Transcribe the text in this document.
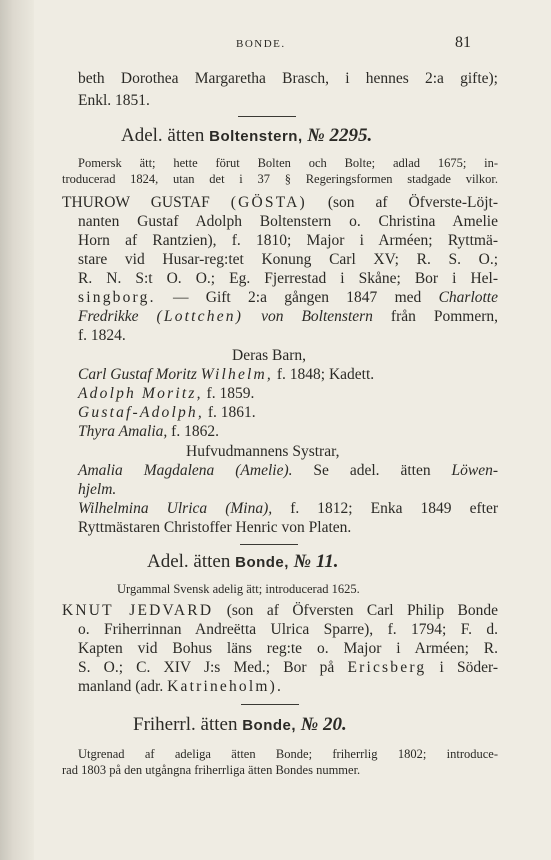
BONDE.	81
beth Dorothea Margaretha Brasch, i hennes 2:a gifte);
Enkl. 1851.
Adel. ätten Boltenstern, № 2295.
Pomersk ätt; hette förut Bolten och Bolte; adlad 1675; in-
troducerad 1824, utan det i 37 § Regeringsformen stadgade vilkor.
THUROW GUSTAF (GÖSTA) (son af Öfverste-Löjt-
nanten Gustaf Adolph Boltenstern o. Christina Amelie
Horn af Rantzien), f. 1810; Major i Arméen; Ryttmä-
stare vid Husar-reg:tet Konung Carl XV; R. S. O.;
R. N. S:t O. O.; Eg. Fjerrestad i Skåne; Bor i Hel-
singborg. — Gift 2:a gången 1847 med Charlotte
Fredrikke (Lottchen) von Boltenstern från Pommern,
f. 1824.
Deras Barn,
Carl Gustaf Moritz Wilhelm, f. 1848; Kadett.
Adolph Moritz, f. 1859.
Gustaf-Adolph, f. 1861.
Thyra Amalia, f. 1862.
Hufvudmannens Systrar,
Amalia Magdalena (Amelie). Se adel. ätten Löwen-
hjelm.
Wilhelmina Ulrica (Mina), f. 1812; Enka 1849 efter
Ryttmästaren Christoffer Henric von Platen.
Adel. ätten Bonde, № 11.
Urgammal Svensk adelig ätt; introducerad 1625.
KNUT JEDVARD (son af Öfversten Carl Philip Bonde
o. Friherrinnan Andreëtta Ulrica Sparre), f. 1794; F. d.
Kapten vid Bohus läns reg:te o. Major i Arméen; R.
S. O.; C. XIV J:s Med.; Bor på Ericsberg i Söder-
manland (adr. Katrineholm).
Friherrl. ätten Bonde, № 20.
Utgrenad af adeliga ätten Bonde; friherrlig 1802; introduce-
rad 1803 på den utgångna friherrliga ätten Bondes nummer.
